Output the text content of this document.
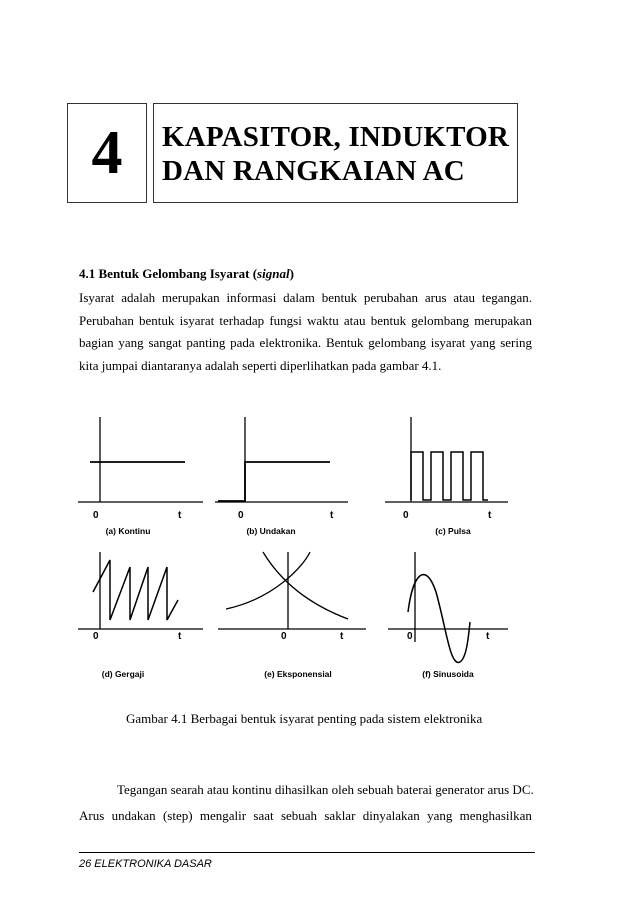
4	KAPASITOR, INDUKTOR
DAN RANGKAIAN AC
4.1 Bentuk Gelombang Isyarat (signal)
Isyarat adalah merupakan informasi dalam bentuk perubahan arus atau tegangan.
Perubahan bentuk isyarat terhadap fungsi waktu atau bentuk gelombang merupakan
bagian yang sangat panting pada elektronika. Bentuk gelombang isyarat yang sering
kita jumpai diantaranya adalah seperti diperlihatkan pada gambar 4.1.
0	t	0	t	0	t
0	t	0	t	0	t
(a) Kontinu	(b) Undakan	(c) Pulsa
(d) Gergaji	(e) Eksponensial	(f) Sinusoida
Gambar 4.1 Berbagai bentuk isyarat penting pada sistem elektronika
Tegangan searah atau kontinu dihasilkan oleh sebuah baterai generator arus DC.
Arus undakan (step) mengalir saat sebuah saklar dinyalakan yang menghasilkan
26 ELEKTRONIKA DASAR
